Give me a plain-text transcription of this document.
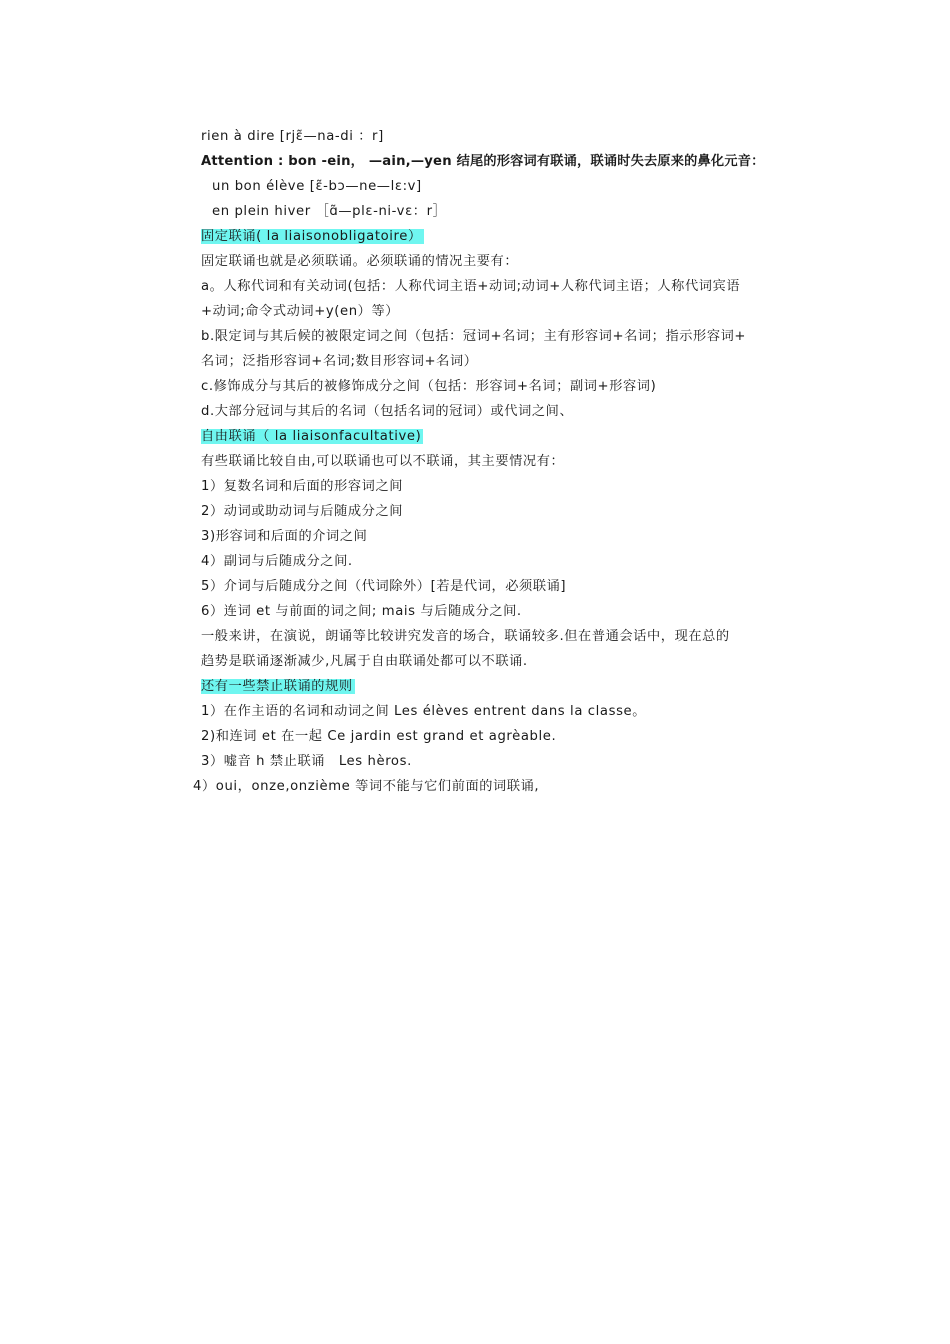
rien à dire [rjɛ̃—na-di ：r]
Attention : bon -ein， —ain,—yen 结尾的形容词有联诵，联诵时失去原来的鼻化元音：
un bon élève [ɛ̃-bɔ—ne—lɛ:v]
en plein hiver ［ɑ̃—plɛ-ni-vɛ：r］
固定联诵( la liaisonobligatoire）
固定联诵也就是必须联诵。必须联诵的情况主要有：
a。人称代词和有关动词(包括：人称代词主语+动词;动词+人称代词主语；人称代词宾语
+动词;命令式动词+y(en）等）
b.限定词与其后候的被限定词之间（包括：冠词+名词；主有形容词+名词；指示形容词+
名词；泛指形容词+名词;数目形容词+名词）
c.修饰成分与其后的被修饰成分之间（包括：形容词+名词；副词+形容词)
d.大部分冠词与其后的名词（包括名词的冠词）或代词之间、
自由联诵（ la liaisonfacultative)
有些联诵比较自由,可以联诵也可以不联诵，其主要情况有：
1）复数名词和后面的形容词之间
2）动词或助动词与后随成分之间
3)形容词和后面的介词之间
4）副词与后随成分之间.
5）介词与后随成分之间（代词除外）[若是代词，必须联诵]
6）连词 et 与前面的词之间; mais 与后随成分之间.
一般来讲，在演说，朗诵等比较讲究发音的场合，联诵较多.但在普通会话中，现在总的
趋势是联诵逐渐减少,凡属于自由联诵处都可以不联诵.
还有一些禁止联诵的规则
1）在作主语的名词和动词之间 Les élèves entrent dans la classe。
2)和连词 et 在一起 Ce jardin est grand et agrèable.
3）嘘音 h 禁止联诵　Les hèros.
4）oui，onze,onzième 等词不能与它们前面的词联诵,
